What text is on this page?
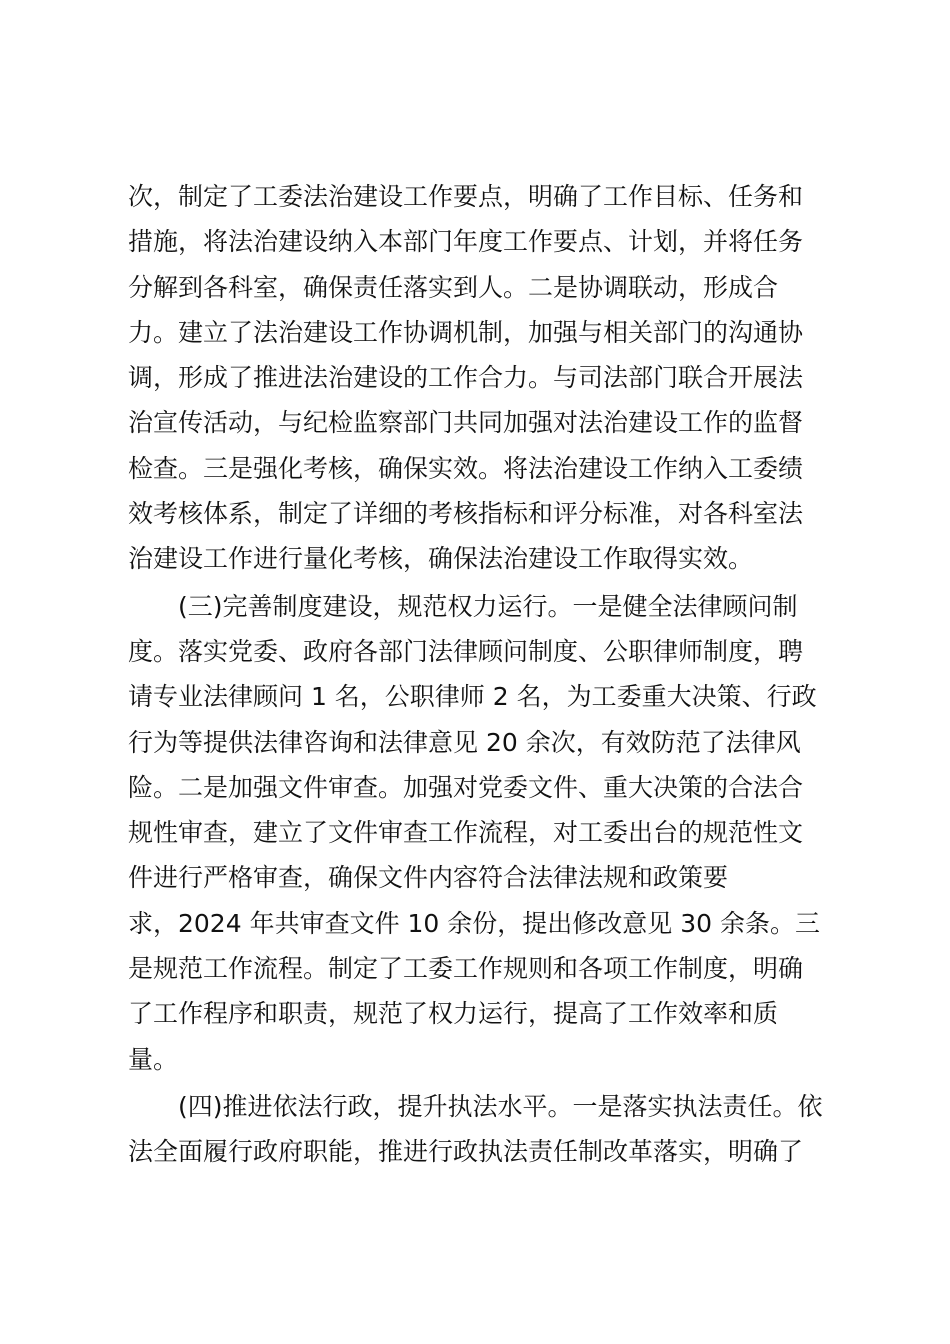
次，制定了工委法治建设工作要点，明确了工作目标、任务和
措施，将法治建设纳入本部门年度工作要点、计划，并将任务
分解到各科室，确保责任落实到人。二是协调联动，形成合
力。建立了法治建设工作协调机制，加强与相关部门的沟通协
调，形成了推进法治建设的工作合力。与司法部门联合开展法
治宣传活动，与纪检监察部门共同加强对法治建设工作的监督
检查。三是强化考核，确保实效。将法治建设工作纳入工委绩
效考核体系，制定了详细的考核指标和评分标准，对各科室法
治建设工作进行量化考核，确保法治建设工作取得实效。
(三)完善制度建设，规范权力运行。一是健全法律顾问制
度。落实党委、政府各部门法律顾问制度、公职律师制度，聘
请专业法律顾问 1 名，公职律师 2 名，为工委重大决策、行政
行为等提供法律咨询和法律意见 20 余次，有效防范了法律风
险。二是加强文件审查。加强对党委文件、重大决策的合法合
规性审查，建立了文件审查工作流程，对工委出台的规范性文
件进行严格审查，确保文件内容符合法律法规和政策要
求，2024 年共审查文件 10 余份，提出修改意见 30 余条。三
是规范工作流程。制定了工委工作规则和各项工作制度，明确
了工作程序和职责，规范了权力运行，提高了工作效率和质
量。
(四)推进依法行政，提升执法水平。一是落实执法责任。依
法全面履行政府职能，推进行政执法责任制改革落实，明确了
